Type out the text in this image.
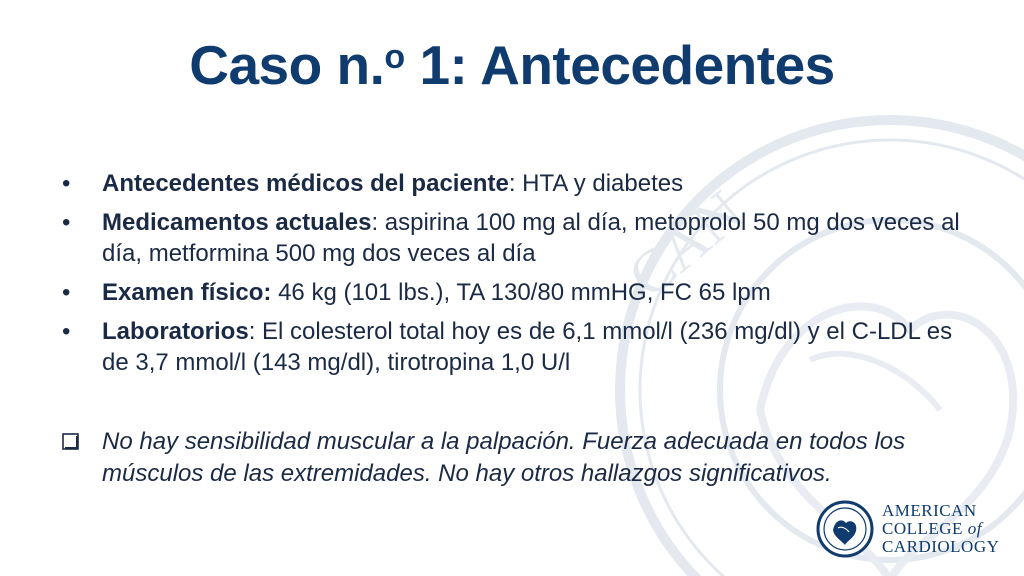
CAN
Caso n.$^o$ 1: Antecedentes
• Antecedentes médicos del paciente: HTA y diabetes
• Medicamentos actuales: aspirina 100 mg al día, metoprolol 50 mg dos veces al día, metformina 500 mg dos veces al día
• Examen físico: 46 kg (101 lbs.), TA 130/80 mmHG, FC 65 lpm
• Laboratorios: El colesterol total hoy es de 6,1 mmol/l (236 mg/dl) y el C-LDL es de 3,7 mmol/l (143 mg/dl), tirotropina 1,0 U/l
No hay sensibilidad muscular a la palpación. Fuerza adecuada en todos los músculos de las extremidades. No hay otros hallazgos significativos.
AMERICAN
COLLEGE of
CARDIOLOGY
